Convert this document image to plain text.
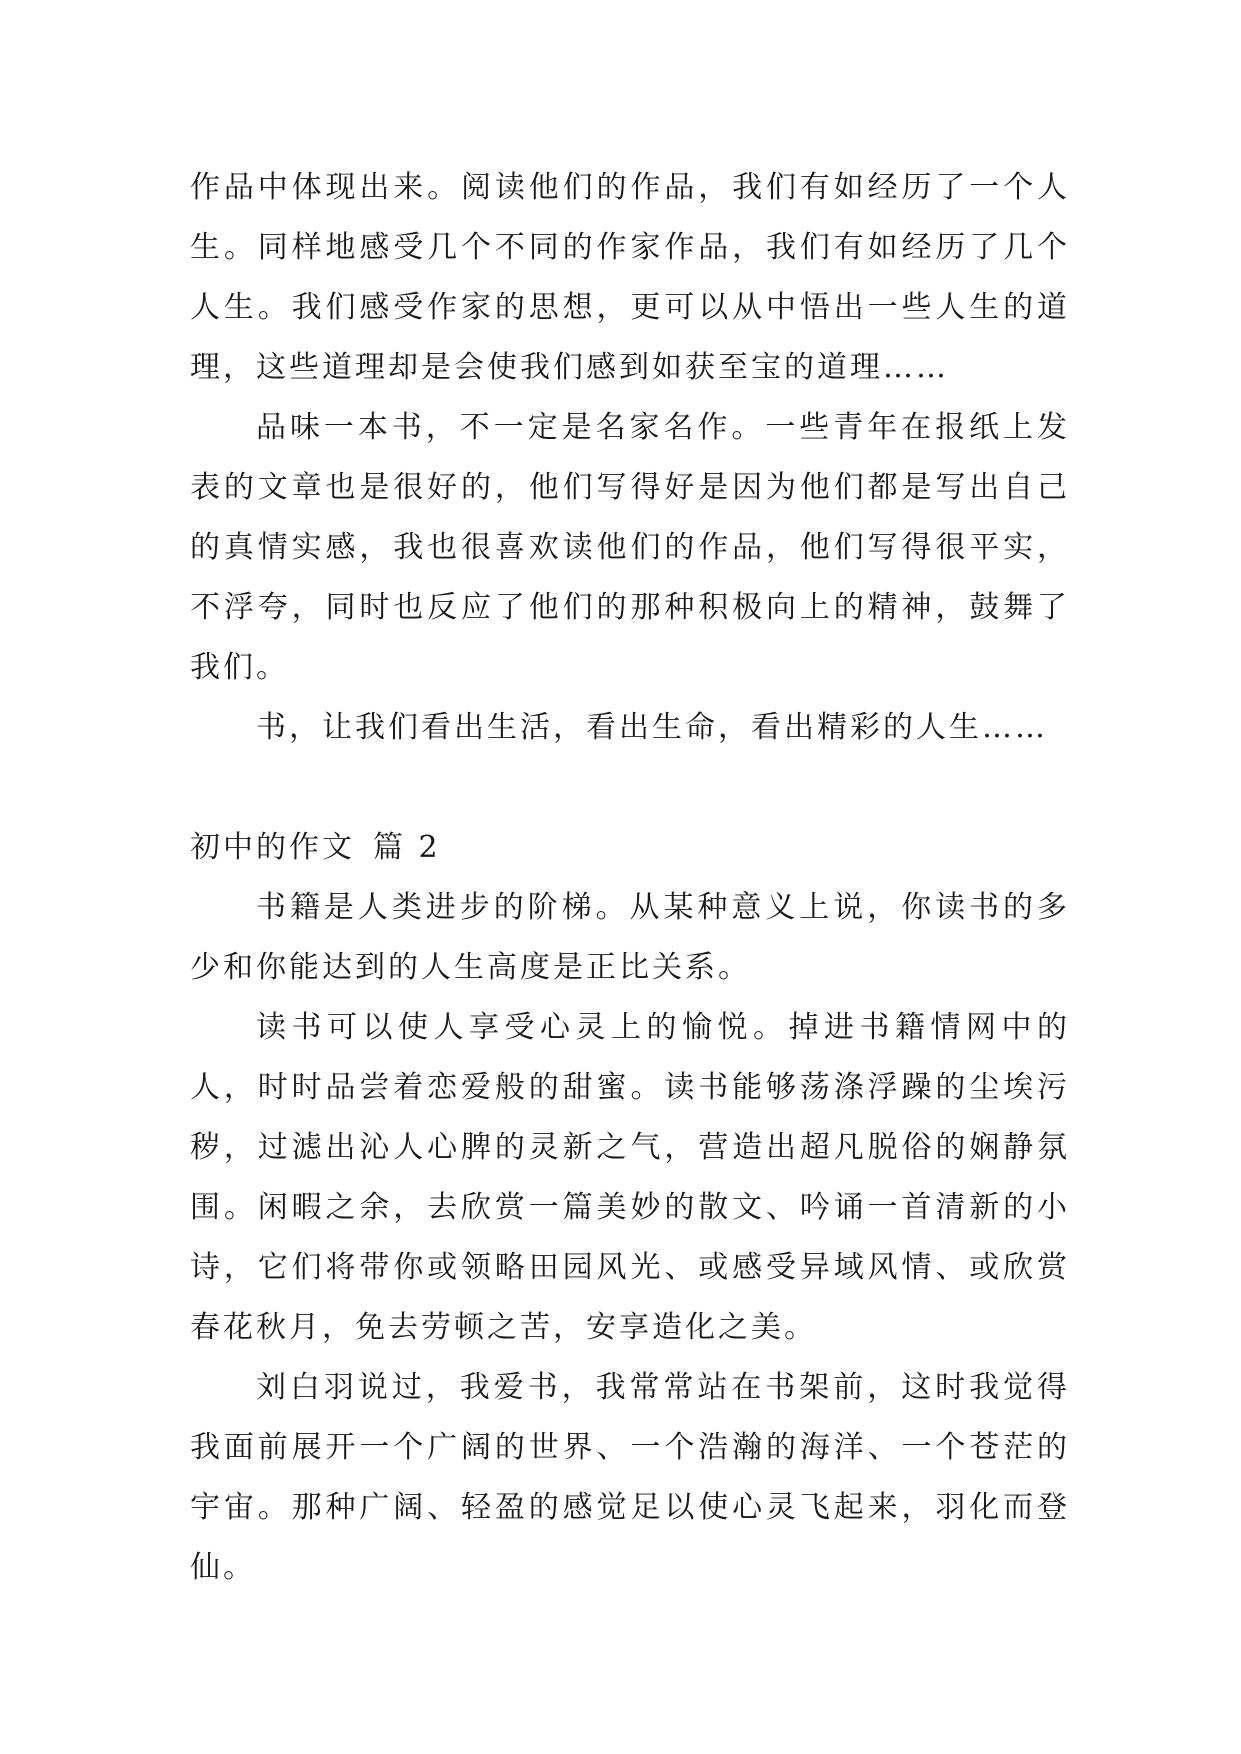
作品中体现出来。阅读他们的作品，我们有如经历了一个人生。同样地感受几个不同的作家作品，我们有如经历了几个人生。我们感受作家的思想，更可以从中悟出一些人生的道理，这些道理却是会使我们感到如获至宝的道理……

品味一本书，不一定是名家名作。一些青年在报纸上发表的文章也是很好的，他们写得好是因为他们都是写出自己的真情实感，我也很喜欢读他们的作品，他们写得很平实，不浮夸，同时也反应了他们的那种积极向上的精神，鼓舞了我们。

书，让我们看出生活，看出生命，看出精彩的人生……

初中的作文 篇 2

书籍是人类进步的阶梯。从某种意义上说，你读书的多少和你能达到的人生高度是正比关系。

读书可以使人享受心灵上的愉悦。掉进书籍情网中的人，时时品尝着恋爱般的甜蜜。读书能够荡涤浮躁的尘埃污秽，过滤出沁人心脾的灵新之气，营造出超凡脱俗的娴静氛围。闲暇之余，去欣赏一篇美妙的散文、吟诵一首清新的小诗，它们将带你或领略田园风光、或感受异域风情、或欣赏春花秋月，免去劳顿之苦，安享造化之美。

刘白羽说过，我爱书，我常常站在书架前，这时我觉得我面前展开一个广阔的世界、一个浩瀚的海洋、一个苍茫的宇宙。那种广阔、轻盈的感觉足以使心灵飞起来，羽化而登仙。
